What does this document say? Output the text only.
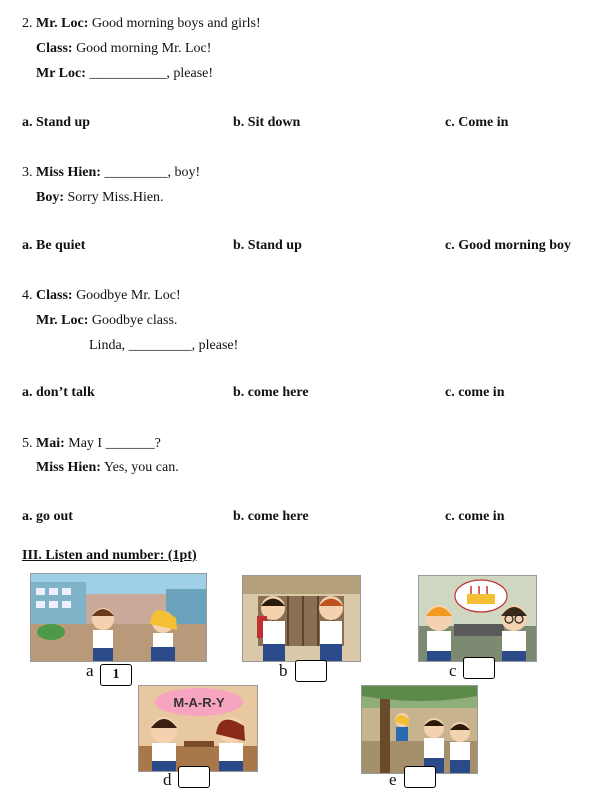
2. Mr. Loc: Good morning boys and girls!
Class: Good morning Mr. Loc!
Mr Loc: ___________, please!
a. Stand up	b. Sit down	c. Come in
3. Miss Hien: _________, boy!
Boy: Sorry Miss.Hien.
a. Be quiet	b. Stand up	c. Good morning boy
4. Class: Goodbye Mr. Loc!
Mr. Loc: Goodbye class.
Linda, _________, please!
a. don’t talk	b. come here	c. come in
5. Mai: May I _______?
Miss Hien: Yes, you can.
a. go out	b. come here	c. come in
III. Listen and number: (1pt)
a	1	b	c
M-A-R-Y
d	e
